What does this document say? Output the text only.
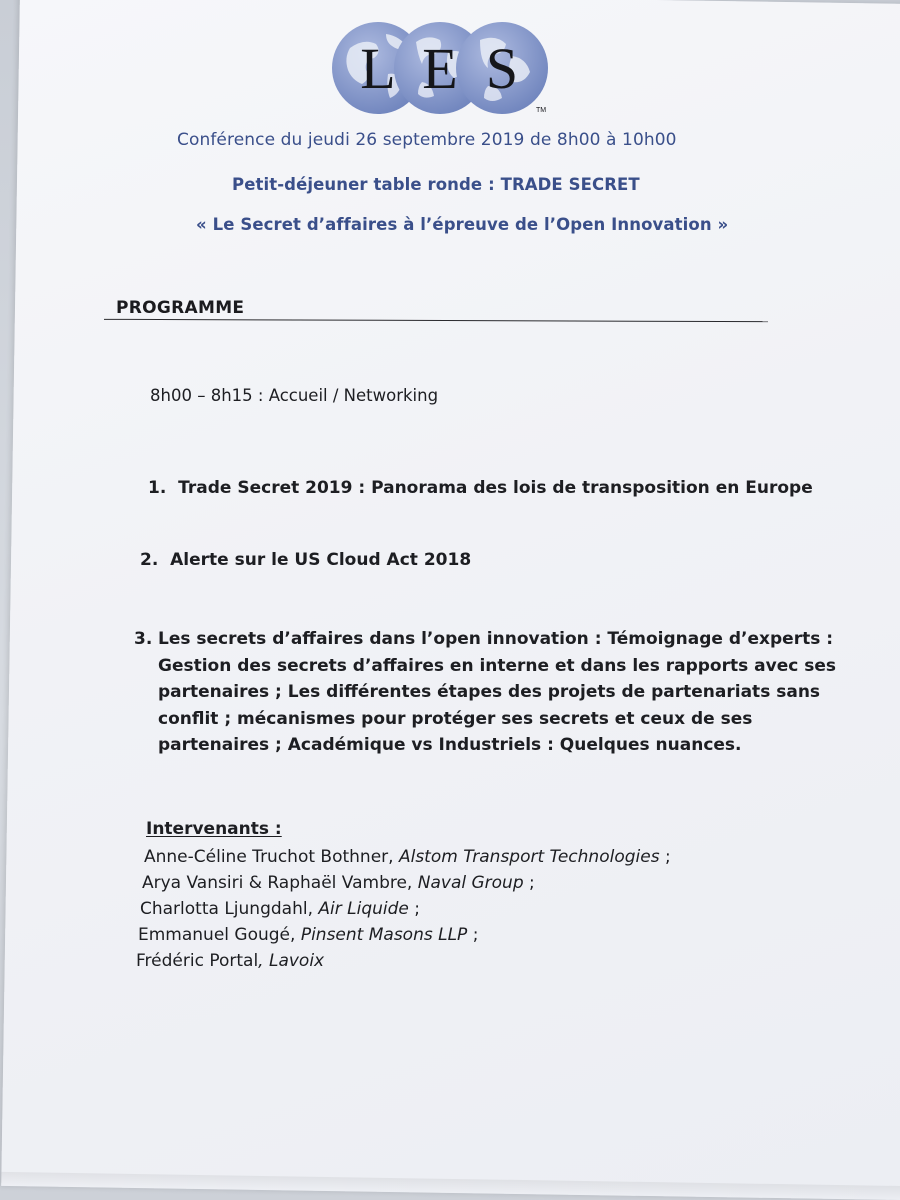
L E S
TM
Conférence du jeudi 26 septembre 2019 de 8h00 à 10h00
Petit-déjeuner table ronde : TRADE SECRET
« Le Secret d’affaires à l’épreuve de l’Open Innovation »
PROGRAMME
8h00 – 8h15 : Accueil / Networking
1. Trade Secret 2019 : Panorama des lois de transposition en Europe
2. Alerte sur le US Cloud Act 2018
3. Les secrets d’affaires dans l’open innovation : Témoignage d’experts :
Gestion des secrets d’affaires en interne et dans les rapports avec ses
partenaires ; Les différentes étapes des projets de partenariats sans
conflit ; mécanismes pour protéger ses secrets et ceux de ses
partenaires ; Académique vs Industriels : Quelques nuances.
Intervenants :
Anne-Céline Truchot Bothner, Alstom Transport Technologies ;
Arya Vansiri & Raphaël Vambre, Naval Group ;
Charlotta Ljungdahl, Air Liquide ;
Emmanuel Gougé, Pinsent Masons LLP ;
Frédéric Portal, Lavoix
